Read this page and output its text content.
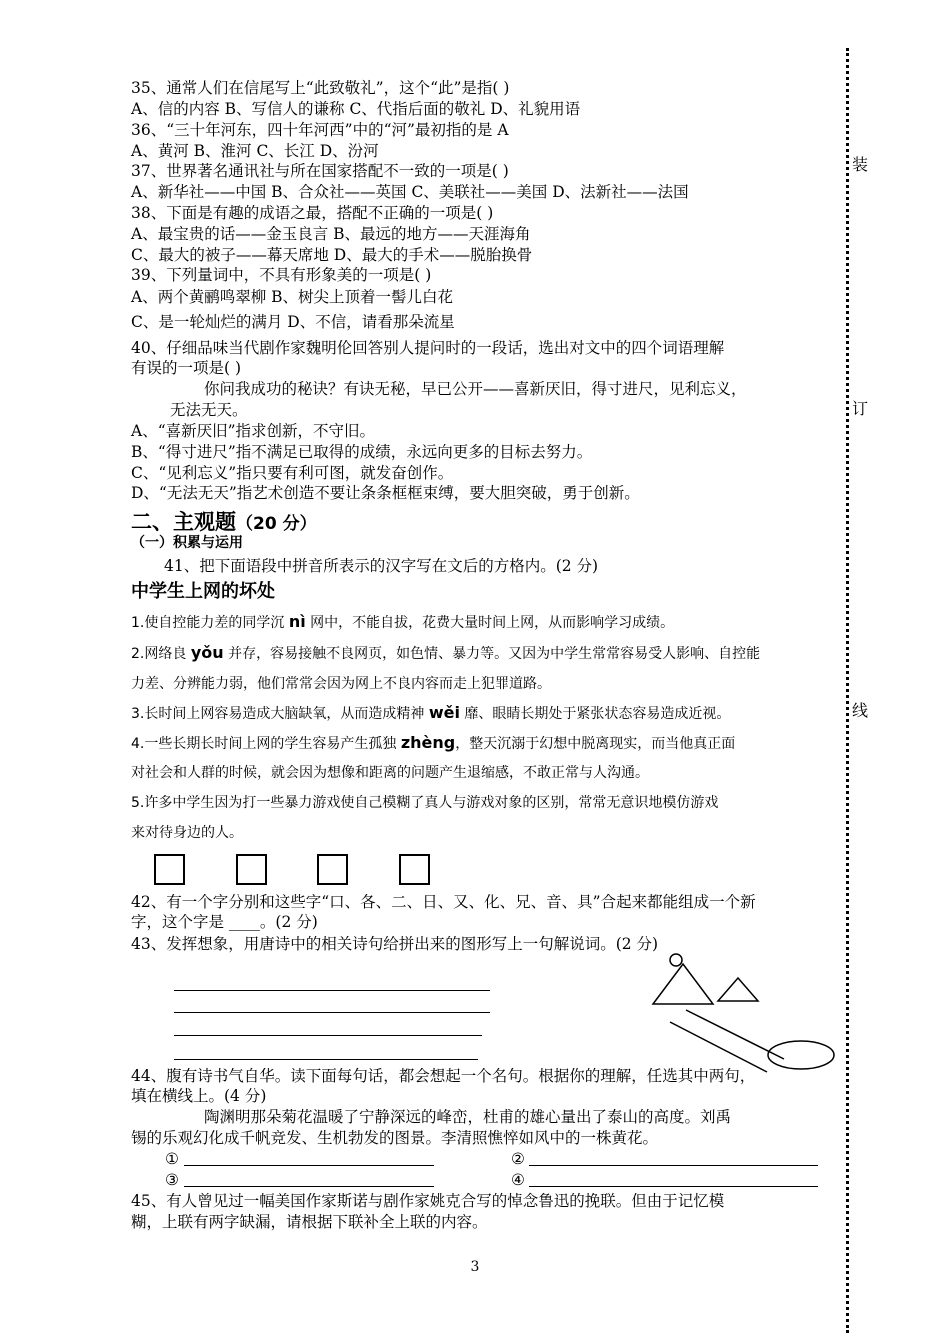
35、通常人们在信尾写上“此致敬礼”，这个“此”是指( )
A、信的内容 B、写信人的谦称 C、代指后面的敬礼 D、礼貌用语
36、“三十年河东，四十年河西”中的“河”最初指的是 A
A、黄河 B、淮河 C、长江 D、汾河
37、世界著名通讯社与所在国家搭配不一致的一项是( )
A、新华社——中国 B、合众社——英国 C、美联社——美国 D、法新社——法国
38、下面是有趣的成语之最，搭配不正确的一项是( )
A、最宝贵的话——金玉良言 B、最远的地方——天涯海角
C、最大的被子——幕天席地 D、最大的手术——脱胎换骨
39、下列量词中，不具有形象美的一项是( )
A、两个黄鹂鸣翠柳 B、树尖上顶着一髻儿白花
C、是一轮灿烂的满月 D、不信，请看那朵流星
40、仔细品味当代剧作家魏明伦回答别人提问时的一段话，选出对文中的四个词语理解
有误的一项是( )
你问我成功的秘诀？有诀无秘，早已公开——喜新厌旧，得寸进尺，见利忘义，
无法无天。
A、“喜新厌旧”指求创新，不守旧。
B、“得寸进尺”指不满足已取得的成绩，永远向更多的目标去努力。
C、“见利忘义”指只要有利可图，就发奋创作。
D、“无法无天”指艺术创造不要让条条框框束缚，要大胆突破，勇于创新。
二、主观题（20 分）
（一）积累与运用
41、把下面语段中拼音所表示的汉字写在文后的方格内。(2 分)
中学生上网的坏处
1.使自控能力差的同学沉 nì 网中，不能自拔，花费大量时间上网，从而影响学习成绩。
2.网络良 yǒu 并存，容易接触不良网页，如色情、暴力等。又因为中学生常常容易受人影响、自控能
力差、分辨能力弱，他们常常会因为网上不良内容而走上犯罪道路。
3.长时间上网容易造成大脑缺氧，从而造成精神 wěi 靡、眼睛长期处于紧张状态容易造成近视。
4.一些长期长时间上网的学生容易产生孤独 zhèng，整天沉溺于幻想中脱离现实，而当他真正面
对社会和人群的时候，就会因为想像和距离的问题产生退缩感，不敢正常与人沟通。
5.许多中学生因为打一些暴力游戏使自己模糊了真人与游戏对象的区别，常常无意识地模仿游戏
来对待身边的人。
42、有一个字分别和这些字“口、各、二、日、又、化、兄、音、具”合起来都能组成一个新
字，这个字是 ____。(2 分)
43、发挥想象，用唐诗中的相关诗句给拼出来的图形写上一句解说词。(2 分)
44、腹有诗书气自华。读下面每句话，都会想起一个名句。根据你的理解，任选其中两句，
填在横线上。(4 分)
陶渊明那朵菊花温暖了宁静深远的峰峦，杜甫的雄心量出了泰山的高度。刘禹
锡的乐观幻化成千帆竞发、生机勃发的图景。李清照憔悴如风中的一株黄花。
①	②
③	④
45、有人曾见过一幅美国作家斯诺与剧作家姚克合写的悼念鲁迅的挽联。但由于记忆模
糊，上联有两字缺漏，请根据下联补全上联的内容。
装
订
线
3
